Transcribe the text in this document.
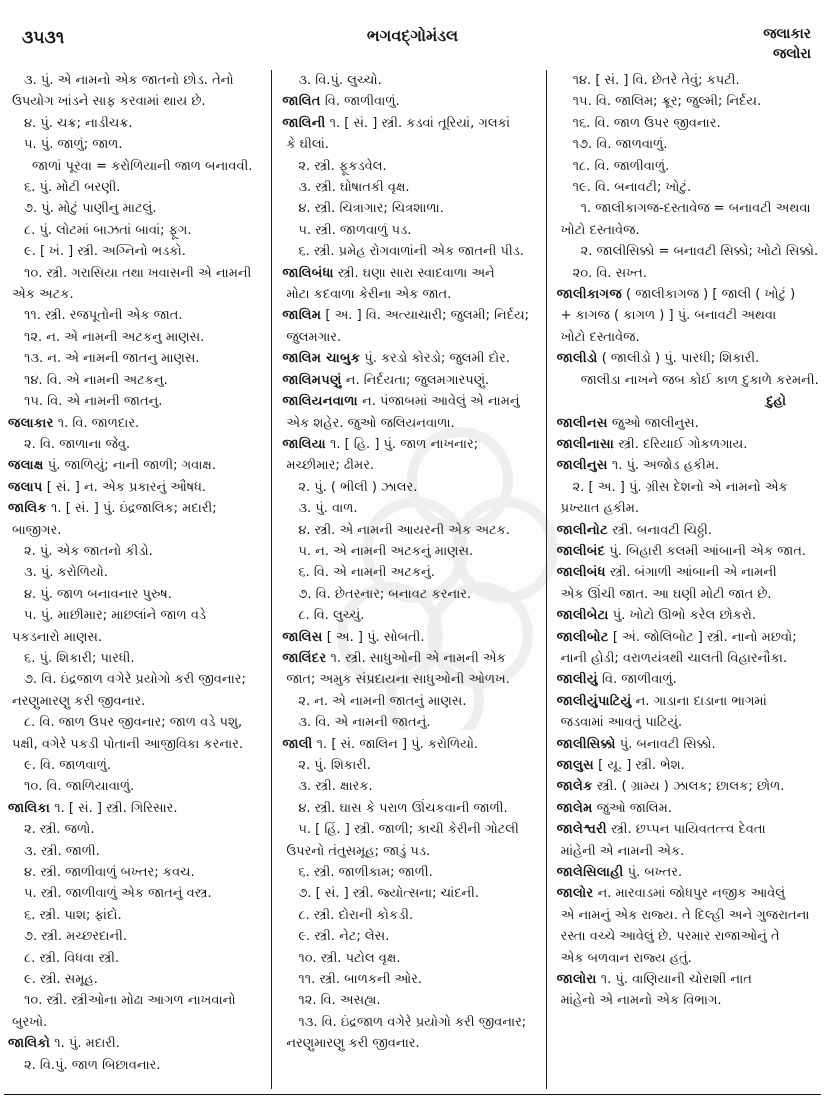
૩૫૩૧	ભગવદ્ગોમંડલ	જલાકાર
જલોરા
૩. પું. એ નામનો એક જાતનો છોડ. તેનો
ઉપયોગ ખાંડને સાફ કરવામાં થાય છે.
૪. પું. ચક્ર; નાડીચક્ર.
૫. પું. જાળું; જાળ.
જાળાં પૂરવા = કરોળિયાની જાળ બનાવવી.
૬. પું. મોટી બરણી.
૭. પું. મોટું પાણીનુ માટલું.
૮. પું. લોટમાં બાઝતાં બાવાં; ફૂગ.
૯. [ ખં. ] સ્ત્રી. અગ્નિનો ભડકો.
૧૦. સ્ત્રી. ગરાસિયા તથા ખવાસની એ નામની
એક અટક.
૧૧. સ્ત્રી. રજપૂતોની એક જાત.
૧૨. ન. એ નામની અટકનુ માણસ.
૧૩. ન. એ નામની જાતનુ માણસ.
૧૪. વિ. એ નામની અટકનુ.
૧૫. વિ. એ નામની જાતનુ.
જલાકાર ૧. વિ. જાળદાર.
૨. વિ. જાળાના જેવુ.
જલાક્ષ પું. જાળિયું; નાની જાળી; ગવાક્ષ.
જલાપ [ સં. ] ન. એક પ્રકારનું ઔષધ.
જાલિક ૧. [ સં. ] પું. ઇંદ્રજાલિક; મદારી;
બાજીગર.
૨. પું. એક જાતનો કીડો.
૩. પું. કરોળિયો.
૪. પું. જાળ બનાવનાર પુરુષ.
૫. પું. માછીમાર; માછલાંને જાળ વડે
પકડનારો માણસ.
૬. પું. શિકારી; પારધી.
૭. વિ. ઇંદ્રજાળ વગેરે પ્રયોગો કરી જીવનાર;
નરણુમારણુ કરી જીવનાર.
૮. વિ. જાળ ઉપર જીવનાર; જાળ વડે પશુ,
પક્ષી, વગેરે પકડી પોતાની આજીવિકા કરનાર.
૯. વિ. જાળવાળું.
૧૦. વિ. જાળિયાવાળું.
જાલિકા ૧. [ સં. ] સ્ત્રી. ગિરિસાર.
૨. સ્ત્રી. જળો.
૩. સ્ત્રી. જાળી.
૪. સ્ત્રી. જાળીવાળું બખ્તર; કવચ.
૫. સ્ત્રી. જાળીવાળું એક જાતનું વસ્ત્ર.
૬. સ્ત્રી. પાશ; ફાંદો.
૭. સ્ત્રી. મચ્છરદાની.
૮. સ્ત્રી. વિધવા સ્ત્રી.
૯. સ્ત્રી. સમૂહ.
૧૦. સ્ત્રી. સ્ત્રીઓના મોઢા આગળ નાખવાનો
બુરખો.
જાલિકો ૧. પું. મદારી.
૨. વિ.પું. જાળ બિછાવનાર.
૩. વિ.પું. લુચ્ચો.
જાલિત વિ. જાળીવાળું.
જાલિની ૧. [ સં. ] સ્ત્રી. કડવાં તૂરિયાં, ગલકાં
કે ઘીલાં.
૨. સ્ત્રી. ફૂકડવેલ.
૩. સ્ત્રી. ઘોષાતકી વૃક્ષ.
૪. સ્ત્રી. ચિત્રાગાર; ચિત્રશાળા.
૫. સ્ત્રી. જાળવાળું પડ.
૬. સ્ત્રી. પ્રમેહ રોગવાળાંની એક જાતની પીડ.
જાલિબંધા સ્ત્રી. ઘણા સારા સ્વાદવાળા અને
મોટા કદવાળા કેરીના એક જાત.
જાલિમ [ અ. ] વિ. અત્યાચારી; જુલમી; નિર્દય;
જુલમગાર.
જાલિમ ચાબુક પું. કરડો કોરડો; જુલમી દોર.
જાલિમપણું ન. નિર્દયતા; જુલમગારપણું.
જાલિયનવાળા ન. પંજાબમાં આવેલું એ નામનું
એક શહેર. જુઓ જલિયનવાળા.
જાલિયા ૧. [ હિ. ] પું. જાળ નાખનાર;
મચ્છીમાર; ઢીમર.
૨. પું. ( ભીલી ) ઝાલર.
૩. પું. વાળ.
૪. સ્ત્રી. એ નામની આયરની એક અટક.
૫. ન. એ નામની અટકનું માણસ.
૬. વિ. એ નામની અટકનું.
૭. વિ. છેતરનાર; બનાવટ કરનાર.
૮. વિ. લુચ્ચું.
જાલિસ [ અ. ] પું. સોબતી.
જાલિંદર ૧. સ્ત્રી. સાધુઓની એ નામની એક
જાત; અમુક સંપ્રદાયના સાધુઓની ઓળખ.
૨. ન. એ નામની જાતનું માણસ.
૩. વિ. એ નામની જાતનું.
જાલી ૧. [ સં. જાલિન ] પું. કરોળિયો.
૨. પું. શિકારી.
૩. સ્ત્રી. ક્ષારક.
૪. સ્ત્રી. ઘાસ કે પરાળ ઊંચકવાની જાળી.
૫. [ હિં. ] સ્ત્રી. જાળી; કાચી કેરીની ગોટલી
ઉપરનો તંતુસમૂહ; જાડું પડ.
૬. સ્ત્રી. જાળીકામ; જાળી.
૭. [ સં. ] સ્ત્રી. જ્યોત્સના; ચાંદની.
૮. સ્ત્રી. દોરાની કોકડી.
૯. સ્ત્રી. નેટ; લેસ.
૧૦. સ્ત્રી. પટોલ વૃક્ષ.
૧૧. સ્ત્રી. બાળકની ઓર.
૧૨. વિ. અસહ્ય.
૧૩. વિ. ઇંદ્રજાળ વગેરે પ્રયોગો કરી જીવનાર;
નરણુમારણુ કરી જીવનાર.
૧૪. [ સં. ] વિ. છેતરે તેવું; કપટી.
૧૫. વિ. જાલિમ; ક્રૂર; જુલ્મી; નિર્દય.
૧૬. વિ. જાળ ઉપર જીવનાર.
૧૭. વિ. જાળવાળું.
૧૮. વિ. જાળીવાળું.
૧૯. વિ. બનાવટી; ખોટું.
૧. જાલીકાગજ-દસ્તાવેજ = બનાવટી અથવા
ખોટો દસ્તાવેજ.
૨. જાલીસિક્કો = બનાવટી સિક્કો; ખોટો સિક્કો.
૨૦. વિ. સખ્ત.
જાલીકાગજ ( જાલીકાગજ ) [ જાલી ( ખોટું )
+ કાગજ ( કાગળ ) ] પું. બનાવટી અથવા
ખોટો દસ્તાવેજ.
જાલીડો ( જાલીડો ) પું. પારધી; શિકારી.
જાલીડા નાખને જબ કોઈ કાળ દુકાળે કરમની.
દુહો
જાલીનસ જુઓ જાલીનુસ.
જાલીનાસા સ્ત્રી. દરિયાઈ ગોકળગાય.
જાલીનુસ ૧. પું. અજોડ હકીમ.
૨. [ અ. ] પું. ગ્રીસ દેશનો એ નામનો એક
પ્રખ્યાત હકીમ.
જાલીનોટ સ્ત્રી. બનાવટી ચિઠ્ઠી.
જાલીબંદ પું. બિહારી કલમી આંબાની એક જાત.
જાલીબંધ સ્ત્રી. બંગાળી આંબાની એ નામની
એક ઊંચી જાત. આ ઘણી મોટી જાત છે.
જાલીબેટા પું. ખોટો ઊભો કરેલ છોકરો.
જાલીબોટ [ અં. જોલિબોટ ] સ્ત્રી. નાનો મછવો;
નાની હોડી; વરાળયંત્રથી ચાલતી વિહારનૌકા.
જાલીયું વિ. જાળીવાળું.
જાલીયુંપાટિયું ન. ગાડાના દાડાના ભાગમાં
જડવામાં આવતું પાટિયું.
જાલીસિક્કો પું. બનાવટી સિક્કો.
જાલુસ [ યૂ. ] સ્ત્રી. ભેશ.
જાલેક સ્ત્રી. ( ગ્રામ્ય ) ઝાલક; છાલક; છોળ.
જાલેમ જુઓ જાલિમ.
જાલેશ્વરી સ્ત્રી. છપ્પન પાયિવતત્ત્વ દેવતા
માંહેની એ નામની એક.
જાલેસિલાહી પું. બખ્તર.
જાલોર ન. મારવાડમાં જોધપુર નજીક આવેલું
એ નામનું એક રાજ્ય. તે દિલ્હી અને ગુજરાતના
રસ્તા વચ્ચે આવેલું છે. પરમાર રાજાઓનું તે
એક બળવાન રાજ્ય હતું.
જાલોરા ૧. પું. વાણિયાની ચોરાશી નાત
માંહેનો એ નામનો એક વિભાગ.
